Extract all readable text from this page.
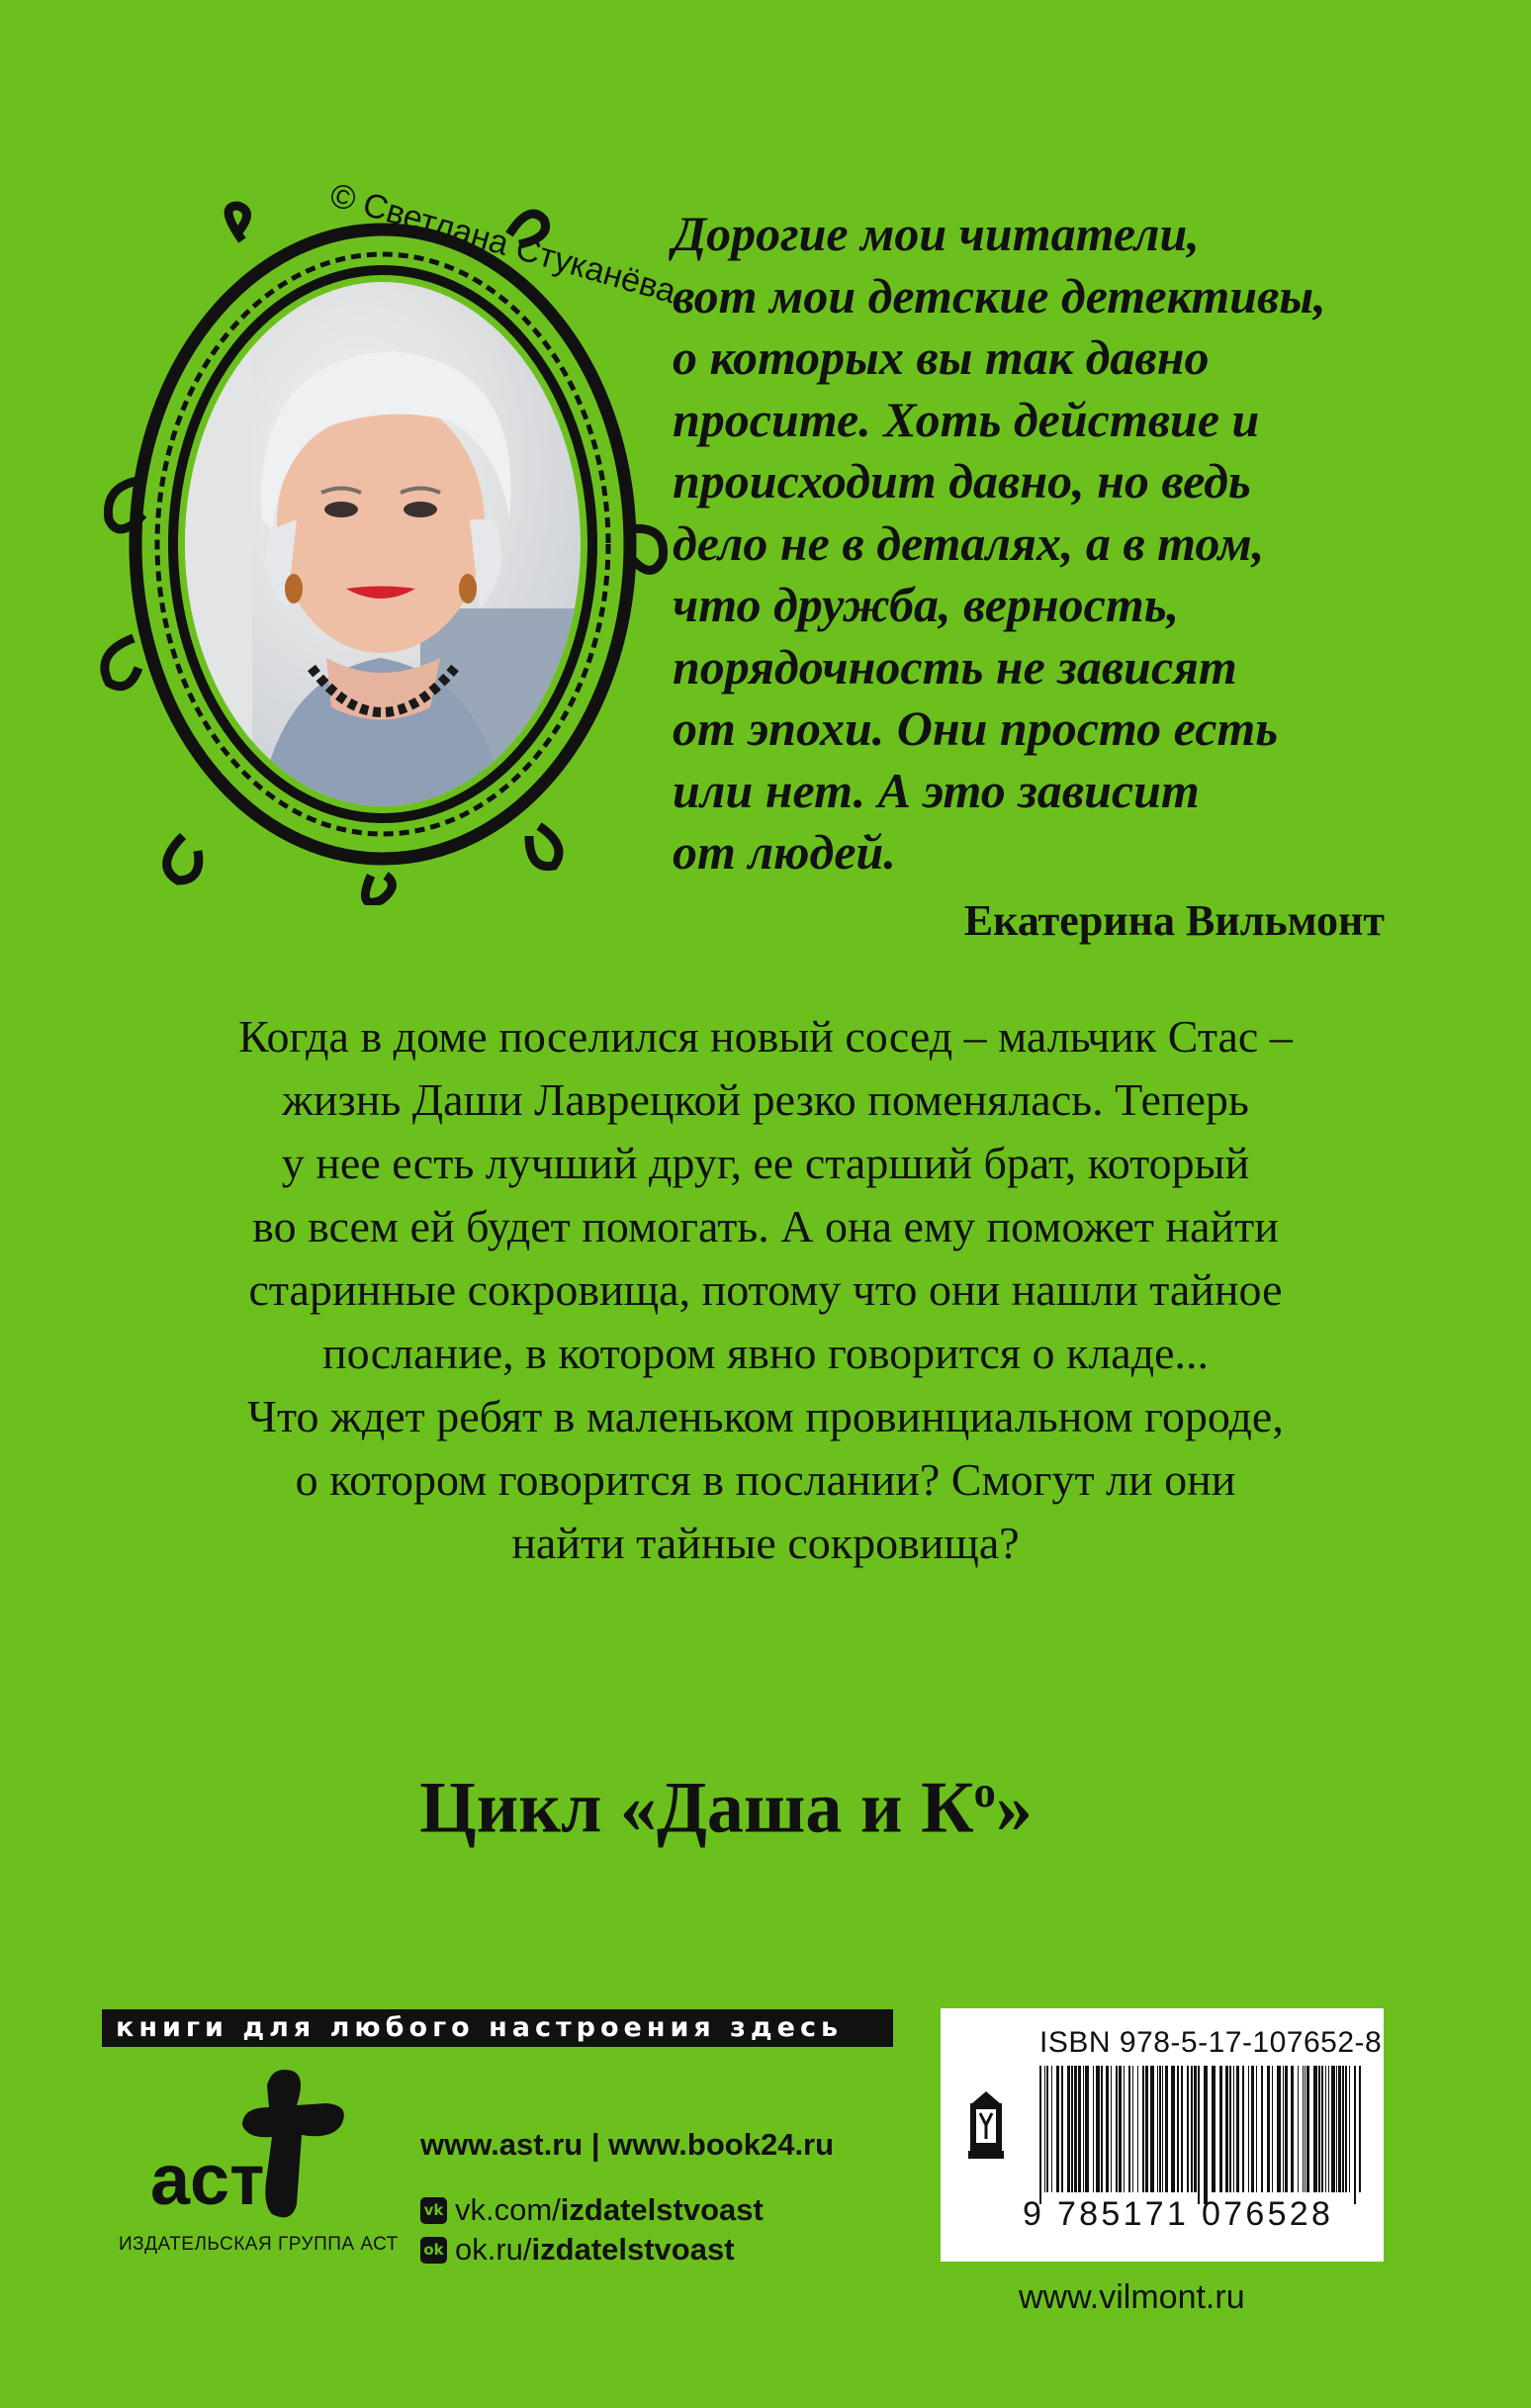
© Светлана Стуканёва
Дорогие мои читатели,
вот мои детские детективы,
о которых вы так давно
просите. Хоть действие и
происходит давно, но ведь
дело не в деталях, а в том,
что дружба, верность,
порядочность не зависят
от эпохи. Они просто есть
или нет. А это зависит
от людей.
Екатерина Вильмонт
Когда в доме поселился новый сосед – мальчик Стас –
жизнь Даши Лаврецкой резко поменялась. Теперь
у нее есть лучший друг, ее старший брат, который
во всем ей будет помогать. А она ему поможет найти
старинные сокровища, потому что они нашли тайное
послание, в котором явно говорится о кладе...
Что ждет ребят в маленьком провинциальном городе,
о котором говорится в послании? Смогут ли они
найти тайные сокровища?
Цикл «Даша и $К^о$»
книги для любого настроения здесь
аст
ИЗДАТЕЛЬСКАЯ ГРУППА АСТ
www.ast.ru | www.book24.ru
vk vk.com/ izdatelstvoast
ok ok.ru/ izdatelstvoast
ISBN 978-5-17-107652-8
9 785171 076528
www.vilmont.ru
